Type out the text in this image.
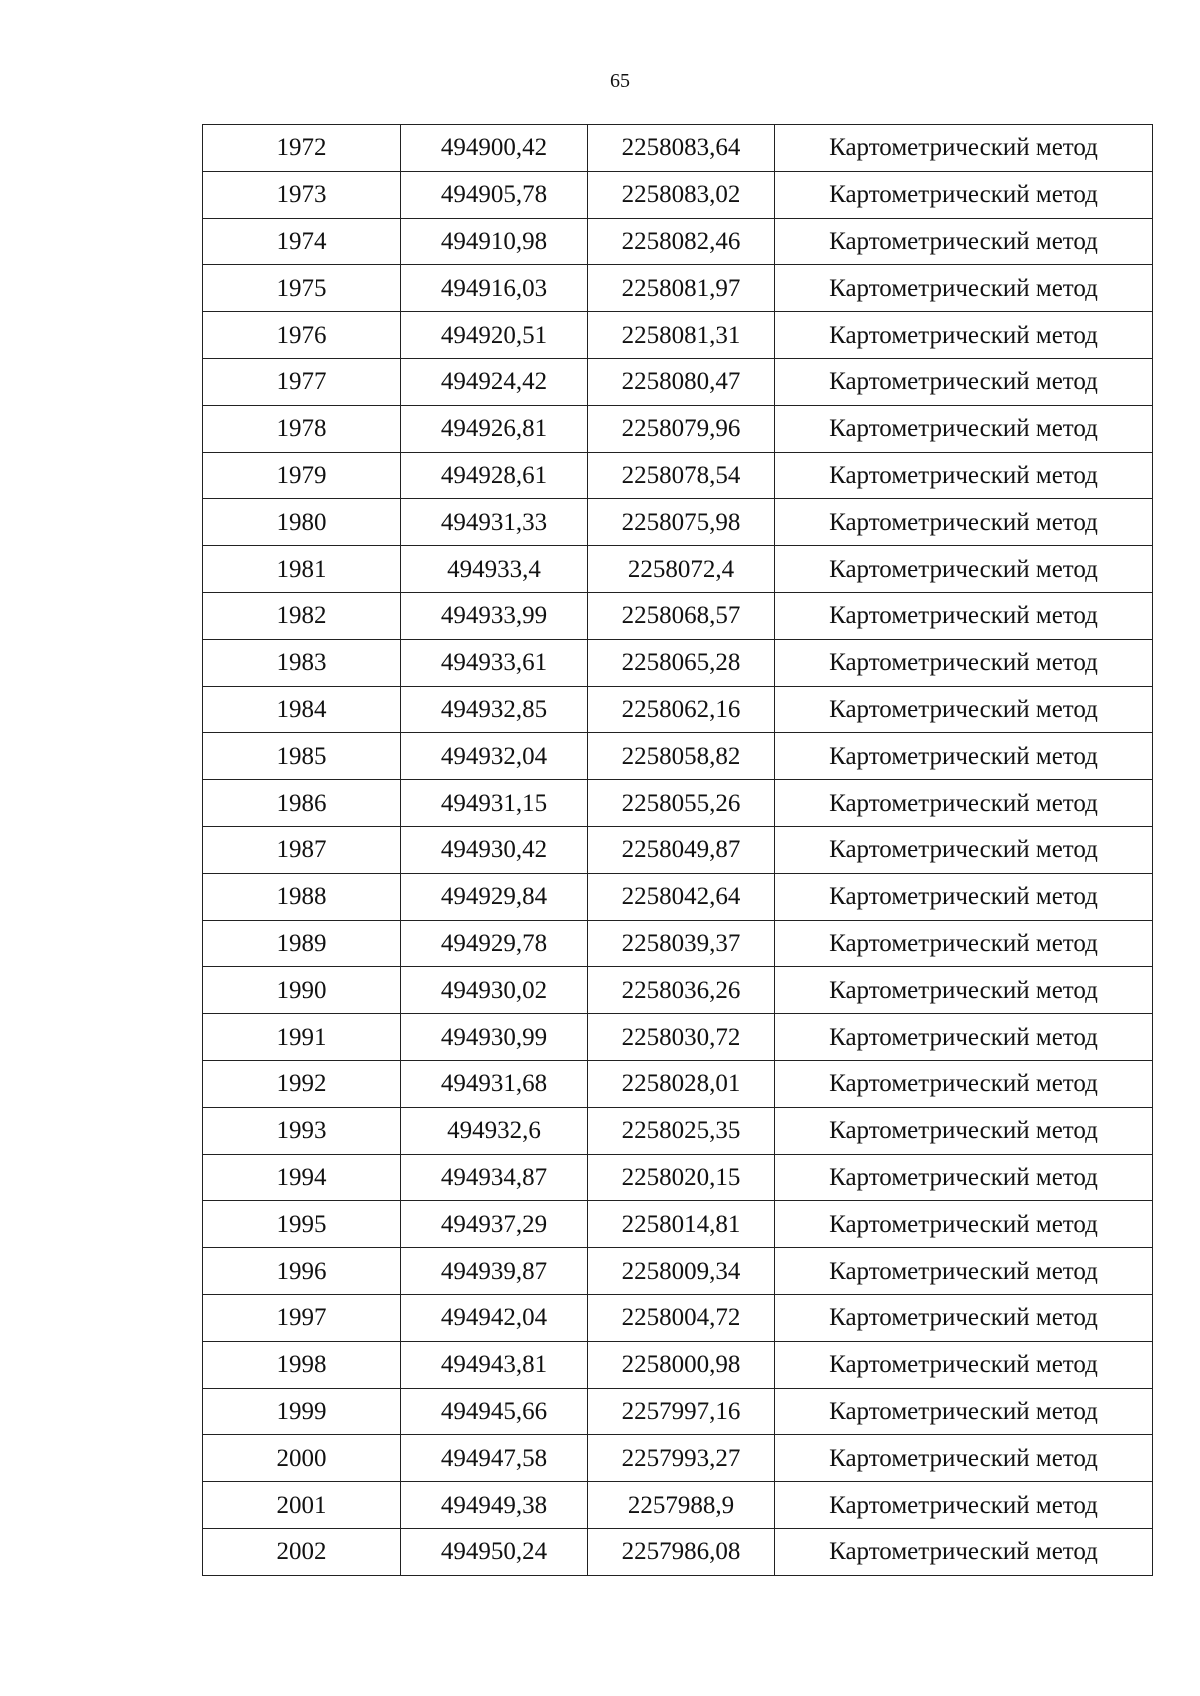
65
1972	494900,42	2258083,64	Картометрический метод
1973	494905,78	2258083,02	Картометрический метод
1974	494910,98	2258082,46	Картометрический метод
1975	494916,03	2258081,97	Картометрический метод
1976	494920,51	2258081,31	Картометрический метод
1977	494924,42	2258080,47	Картометрический метод
1978	494926,81	2258079,96	Картометрический метод
1979	494928,61	2258078,54	Картометрический метод
1980	494931,33	2258075,98	Картометрический метод
1981	494933,4	2258072,4	Картометрический метод
1982	494933,99	2258068,57	Картометрический метод
1983	494933,61	2258065,28	Картометрический метод
1984	494932,85	2258062,16	Картометрический метод
1985	494932,04	2258058,82	Картометрический метод
1986	494931,15	2258055,26	Картометрический метод
1987	494930,42	2258049,87	Картометрический метод
1988	494929,84	2258042,64	Картометрический метод
1989	494929,78	2258039,37	Картометрический метод
1990	494930,02	2258036,26	Картометрический метод
1991	494930,99	2258030,72	Картометрический метод
1992	494931,68	2258028,01	Картометрический метод
1993	494932,6	2258025,35	Картометрический метод
1994	494934,87	2258020,15	Картометрический метод
1995	494937,29	2258014,81	Картометрический метод
1996	494939,87	2258009,34	Картометрический метод
1997	494942,04	2258004,72	Картометрический метод
1998	494943,81	2258000,98	Картометрический метод
1999	494945,66	2257997,16	Картометрический метод
2000	494947,58	2257993,27	Картометрический метод
2001	494949,38	2257988,9	Картометрический метод
2002	494950,24	2257986,08	Картометрический метод
